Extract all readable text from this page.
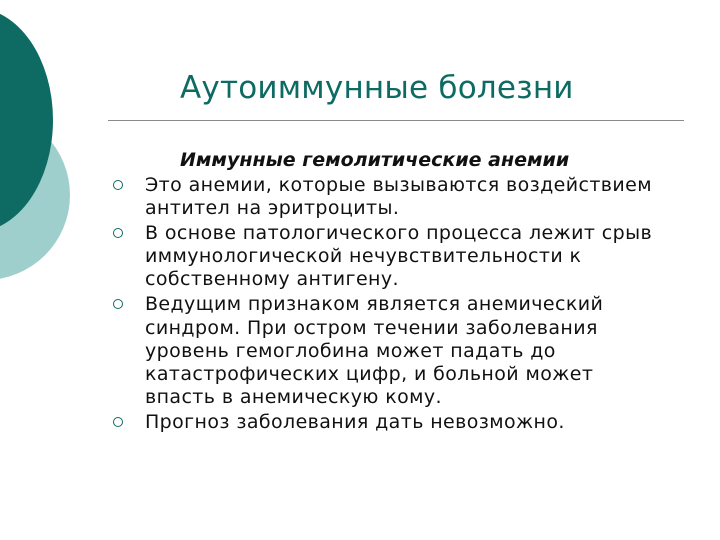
Аутоиммунные болезни
Иммунные гемолитические анемии
Это анемии, которые вызываются воздействием
антител на эритроциты.
В основе патологического процесса лежит срыв
иммунологической нечувствительности к
собственному антигену.
Ведущим признаком является анемический
синдром. При остром течении заболевания
уровень гемоглобина может падать до
катастрофических цифр, и больной может
впасть в анемическую кому.
Прогноз заболевания дать невозможно.
